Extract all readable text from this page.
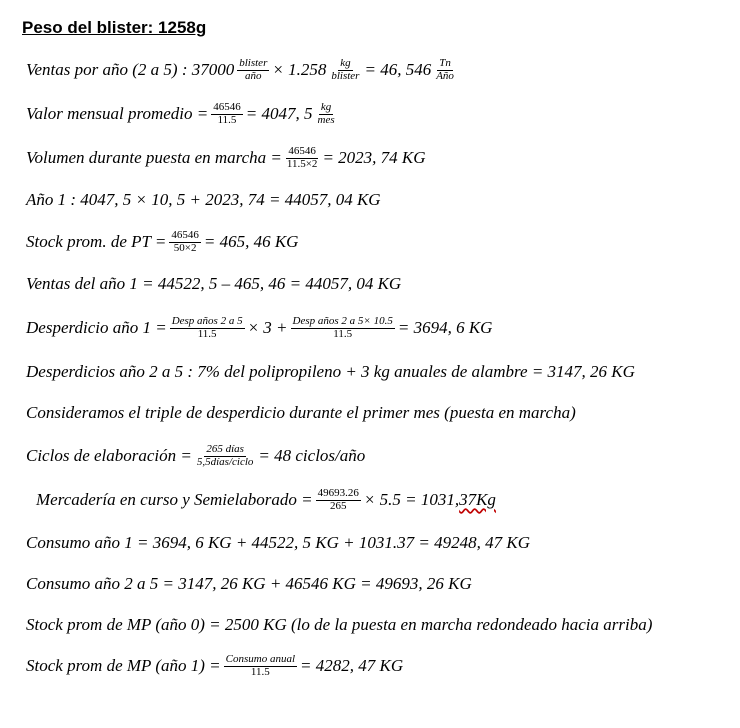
Peso del blister: 1258g
Ventas por año (2 a 5) : $37000 \frac{\text{blister}}{\text{año}} \times 1.258 \frac{kg}{\text{blister}} = 46$, $546 \frac{Tn}{\text{Año}}$
Valor mensual promedio = $\frac{46546}{11.5} = 4047$, $5 \frac{kg}{\text{mes}}$
Volumen durante puesta en marcha = $\frac{46546}{11.5\times 2} = 2023$, 74 KG
Año 1 : 4047, 5 × 10, 5 + 2023, 74 = 44057, 04 KG
Stock prom. de PT = $\frac{46546}{50\times 2} = 465$, 46 KG
Ventas del año 1 = 44522, 5 – 465, 46 = 44057, 04 KG
Desperdicio año $1 = \frac{\text{Desp años 2 a 5}}{11.5} \times 3 + \frac{\text{Desp años 2 a 5× 10.5}}{11.5} = 3694$, 6 KG
Desperdicios año 2 a 5 : 7% del polipropileno + 3 kg anuales de alambre = 3147, 26 KG
Consideramos el triple de desperdicio durante el primer mes (puesta en marcha)
Ciclos de elaboración = $\frac{\text{265 días}}{\text{5,5días/ciclo}} = 48$ ciclos/año
Mercadería en curso y Semielaborado = $\frac{49693.26}{265} \times 5.5 = 1031$, 37Kg
Consumo año 1 = 3694, 6 KG + 44522, 5 KG + 1031.37 = 49248, 47 KG
Consumo año 2 a 5 = 3147, 26 KG + 46546 KG = 49693, 26 KG
Stock prom de MP (año 0) = 2500 KG (lo de la puesta en marcha redondeado hacia arriba)
Stock prom de MP (año $1) = \frac{\text{Consumo anual}}{11.5} = 4282$, 47 KG
